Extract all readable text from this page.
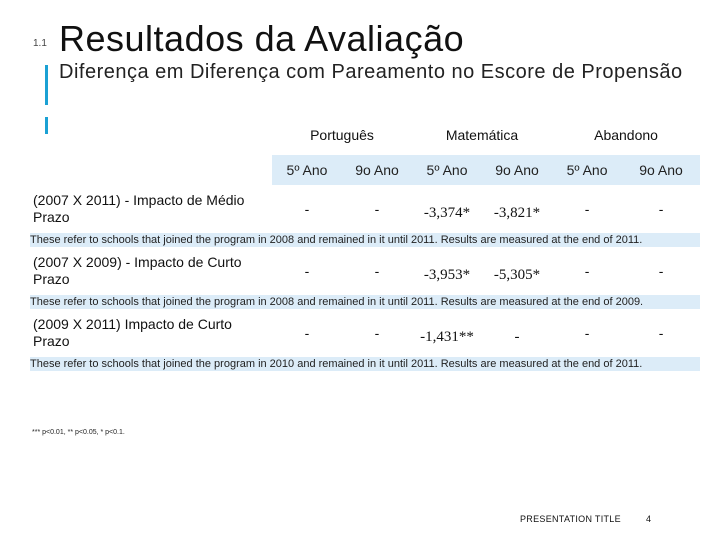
1.1 Resultados da Avaliação
Diferença em Diferença com Pareamento no Escore de Propensão
	Português		Matemática		Abandono	
	5º Ano	9o Ano	5º Ano	9o Ano	5º Ano	9o Ano
(2007 X 2011) - Impacto de Médio Prazo	-	-	-3,374*	-3,821*	-	-
These refer to schools that joined the program in 2008 and remained in it until 2011. Results are measured at the end of 2011.						
(2007 X 2009) - Impacto de Curto Prazo	-	-	-3,953*	-5,305*	-	-
These refer to schools that joined the program in 2008 and remained in it until 2011. Results are measured at the end of 2009.						
(2009 X 2011) Impacto de Curto Prazo	-	-	-1,431**	-	-	-
These refer to schools that joined the program in 2010 and remained in it until 2011. Results are measured at the end of 2011.						
*** p<0.01, ** p<0.05, * p<0.1.
PRESENTATION TITLE	4
